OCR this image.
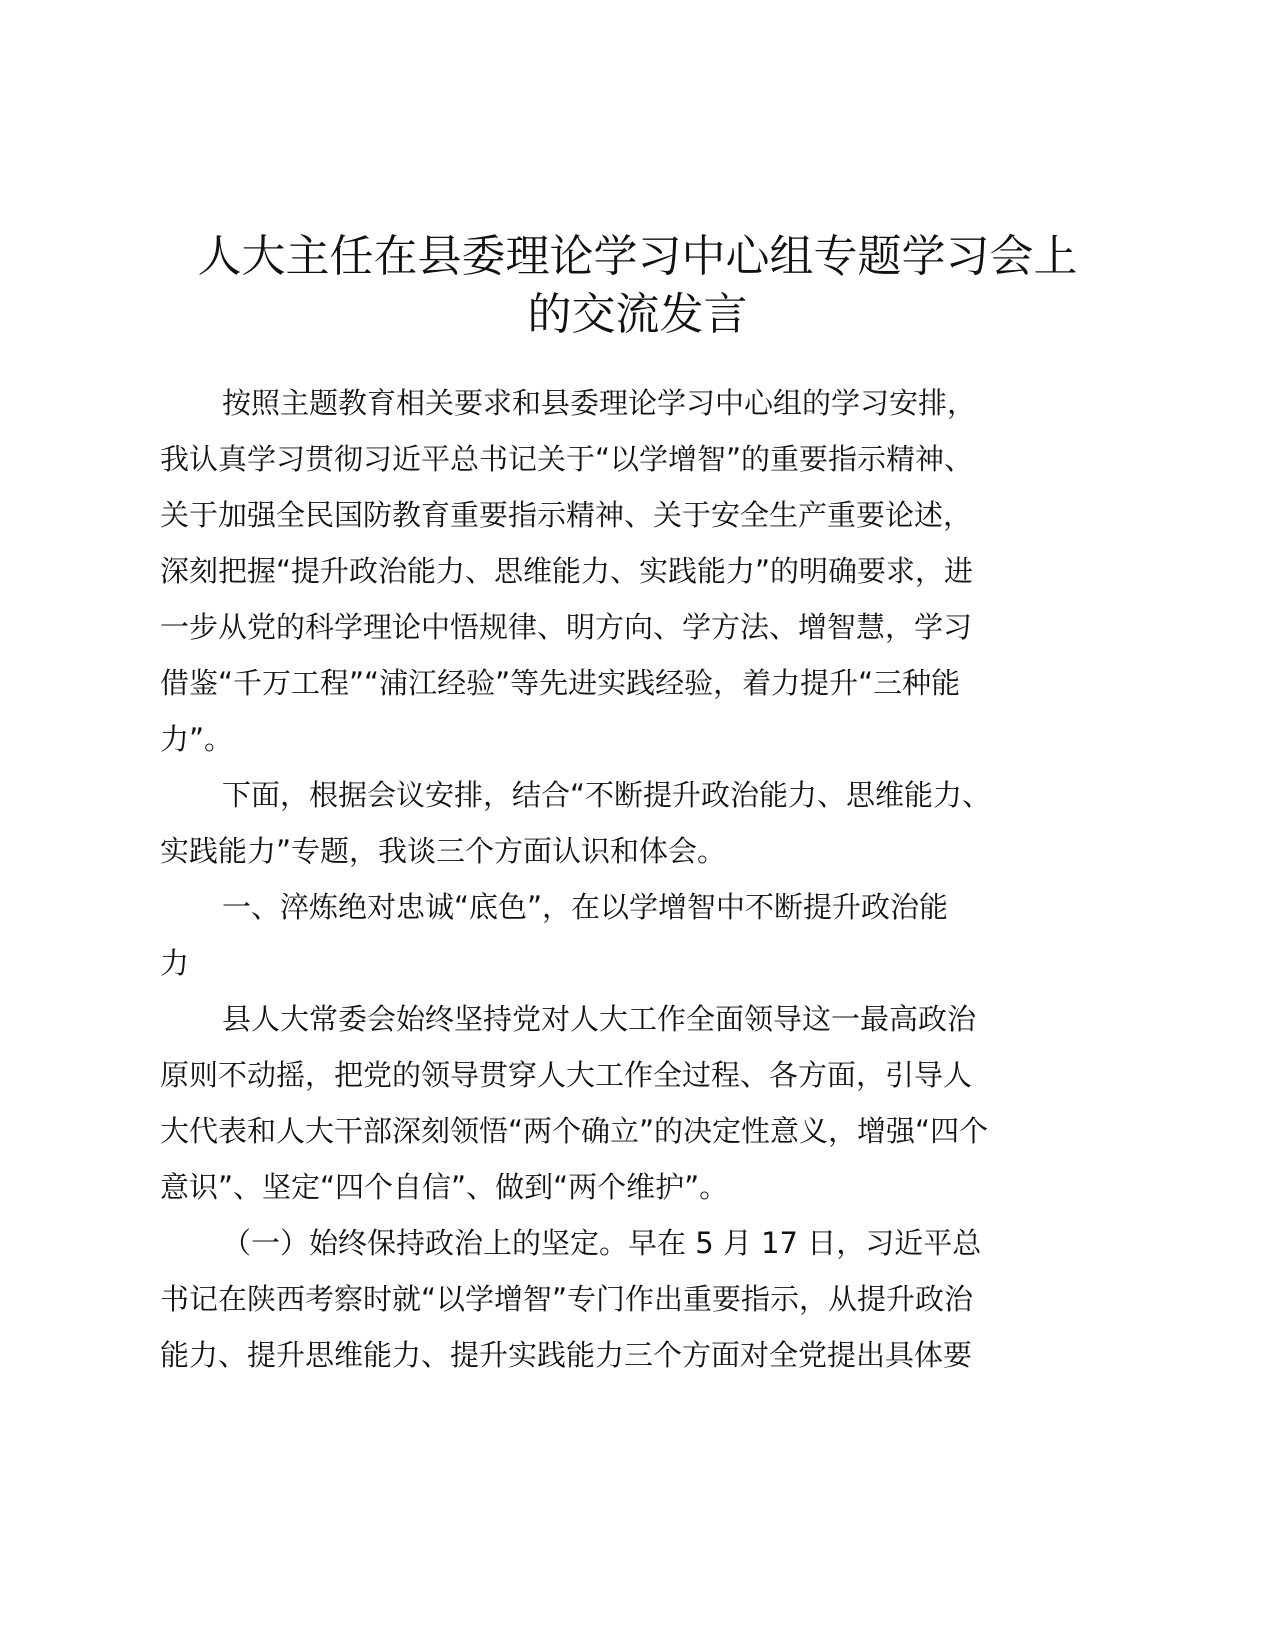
人大主任在县委理论学习中心组专题学习会上
的交流发言

按照主题教育相关要求和县委理论学习中心组的学习安排，
我认真学习贯彻习近平总书记关于“以学增智”的重要指示精神、
关于加强全民国防教育重要指示精神、关于安全生产重要论述，
深刻把握“提升政治能力、思维能力、实践能力”的明确要求，进
一步从党的科学理论中悟规律、明方向、学方法、增智慧，学习
借鉴“千万工程”“浦江经验”等先进实践经验，着力提升“三种能
力”。

下面，根据会议安排，结合“不断提升政治能力、思维能力、
实践能力”专题，我谈三个方面认识和体会。

一、淬炼绝对忠诚“底色”，在以学增智中不断提升政治能
力

县人大常委会始终坚持党对人大工作全面领导这一最高政治
原则不动摇，把党的领导贯穿人大工作全过程、各方面，引导人
大代表和人大干部深刻领悟“两个确立”的决定性意义，增强“四个
意识”、坚定“四个自信”、做到“两个维护”。

（一）始终保持政治上的坚定。早在 5 月 17 日，习近平总
书记在陕西考察时就“以学增智”专门作出重要指示，从提升政治
能力、提升思维能力、提升实践能力三个方面对全党提出具体要
